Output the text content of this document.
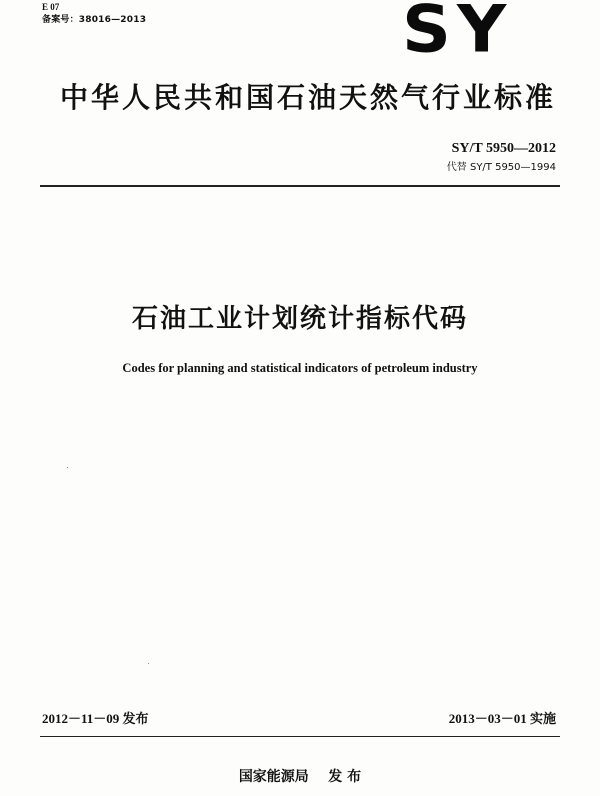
E 07
备案号：38016—2013	SY
中华人民共和国石油天然气行业标准
SY/T 5950—2012
代替 SY/T 5950—1994
石油工业计划统计指标代码
Codes for planning and statistical indicators of petroleum industry
2012－11－09 发布	2013－03－01 实施
国家能源局    发 布
